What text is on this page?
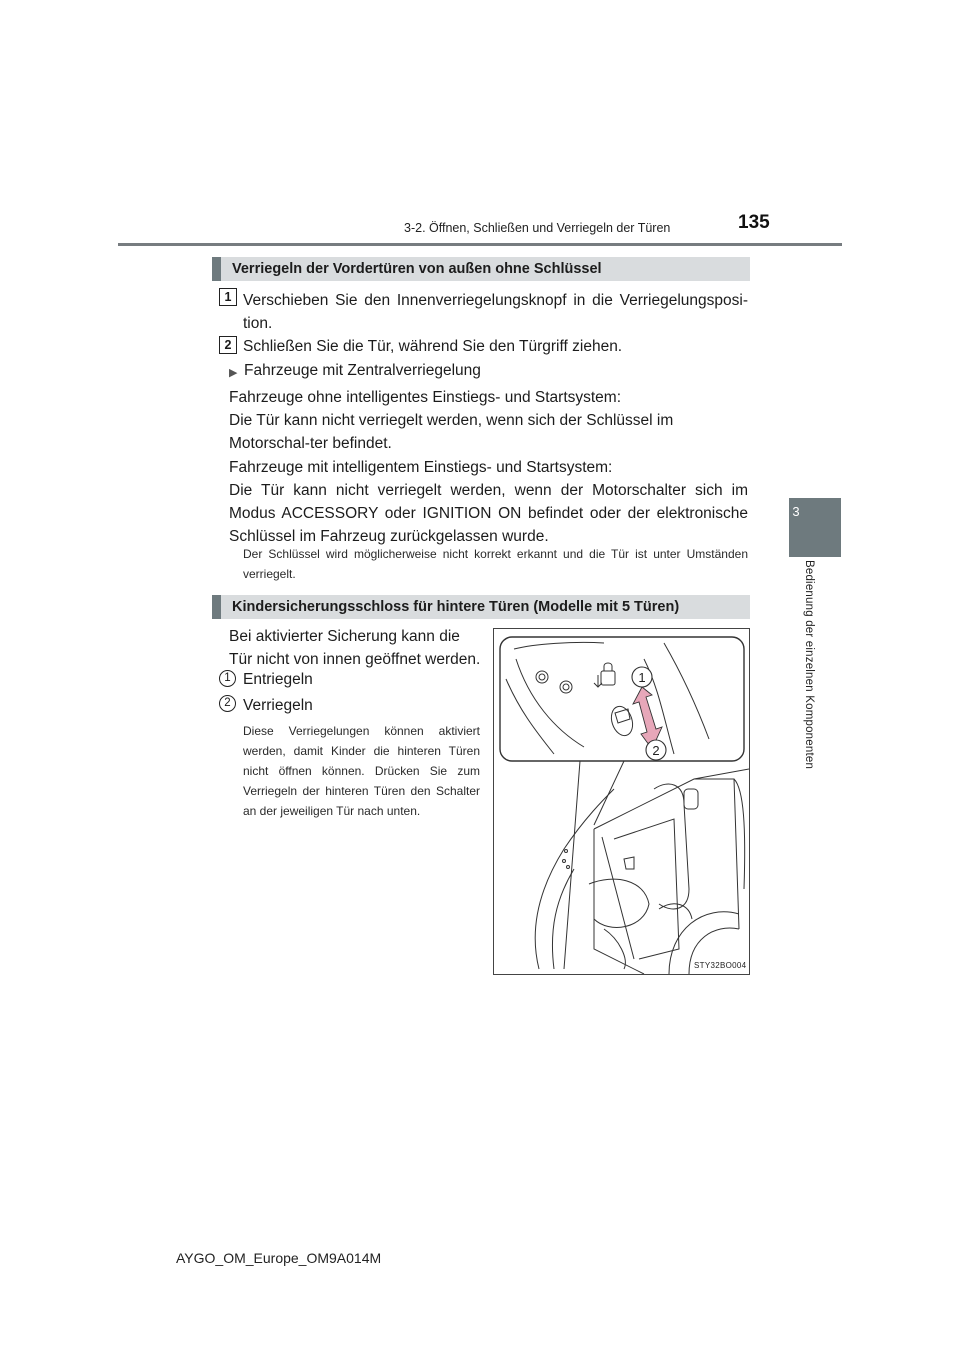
3-2. Öffnen, Schließen und Verriegeln der Türen	135
3
Bedienung der einzelnen Komponenten
Verriegeln der Vordertüren von außen ohne Schlüssel
1 Verschieben Sie den Innenverriegelungsknopf in die Verriegelungsposi-tion.
2 Schließen Sie die Tür, während Sie den Türgriff ziehen.
▶ Fahrzeuge mit Zentralverriegelung
Fahrzeuge ohne intelligentes Einstiegs- und Startsystem:
Die Tür kann nicht verriegelt werden, wenn sich der Schlüssel im Motorschal-ter befindet.
Fahrzeuge mit intelligentem Einstiegs- und Startsystem:
Die Tür kann nicht verriegelt werden, wenn der Motorschalter sich im Modus ACCESSORY oder IGNITION ON befindet oder der elektronische Schlüssel im Fahrzeug zurückgelassen wurde.
Der Schlüssel wird möglicherweise nicht korrekt erkannt und die Tür ist unter Umständen verriegelt.
Kindersicherungsschloss für hintere Türen (Modelle mit 5 Türen)
Bei aktivierter Sicherung kann die Tür nicht von innen geöffnet werden.
1 Entriegeln
2 Verriegeln
Diese Verriegelungen können aktiviert werden, damit Kinder die hinteren Türen nicht öffnen können. Drücken Sie zum Verriegeln der hinteren Türen den Schalter an der jeweiligen Tür nach unten.
1
2
STY32BO004
AYGO_OM_Europe_OM9A014M
